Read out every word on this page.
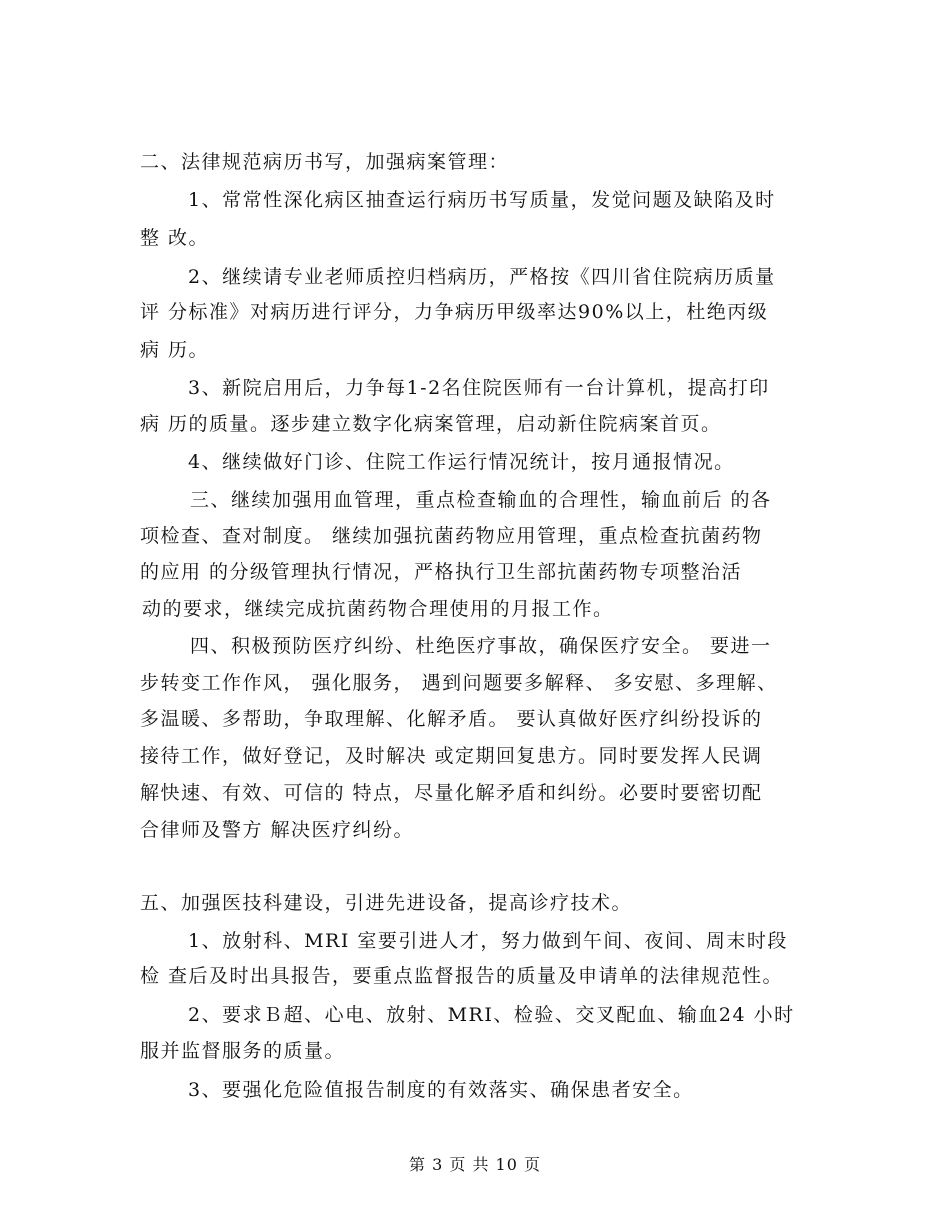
二、法律规范病历书写，加强病案管理：
1、常常性深化病区抽查运行病历书写质量，发觉问题及缺陷及时
整 改。
2、继续请专业老师质控归档病历，严格按《四川省住院病历质量
评 分标准》对病历进行评分，力争病历甲级率达90%以上，杜绝丙级
病 历。
3、新院启用后，力争每1-2名住院医师有一台计算机，提高打印
病 历的质量。逐步建立数字化病案管理，启动新住院病案首页。
4、继续做好门诊、住院工作运行情况统计，按月通报情况。
三、继续加强用血管理，重点检查输血的合理性，输血前后 的各
项检查、查对制度。 继续加强抗菌药物应用管理，重点检查抗菌药物
的应用 的分级管理执行情况，严格执行卫生部抗菌药物专项整治活
动的要求，继续完成抗菌药物合理使用的月报工作。
四、积极预防医疗纠纷、杜绝医疗事故，确保医疗安全。 要进一
步转变工作作风， 强化服务， 遇到问题要多解释、 多安慰、多理解、
多温暖、多帮助，争取理解、化解矛盾。 要认真做好医疗纠纷投诉的
接待工作，做好登记，及时解决 或定期回复患方。同时要发挥人民调
解快速、有效、可信的 特点，尽量化解矛盾和纠纷。必要时要密切配
合律师及警方 解决医疗纠纷。
五、加强医技科建设，引进先进设备，提高诊疗技术。
1、放射科、MRI 室要引进人才，努力做到午间、夜间、周末时段
检 查后及时出具报告，要重点监督报告的质量及申请单的法律规范性。
2、要求Ｂ超、心电、放射、MRI、检验、交叉配血、输血24 小时
服并监督服务的质量。
3、要强化危险值报告制度的有效落实、确保患者安全。
第 3 页 共 10 页
